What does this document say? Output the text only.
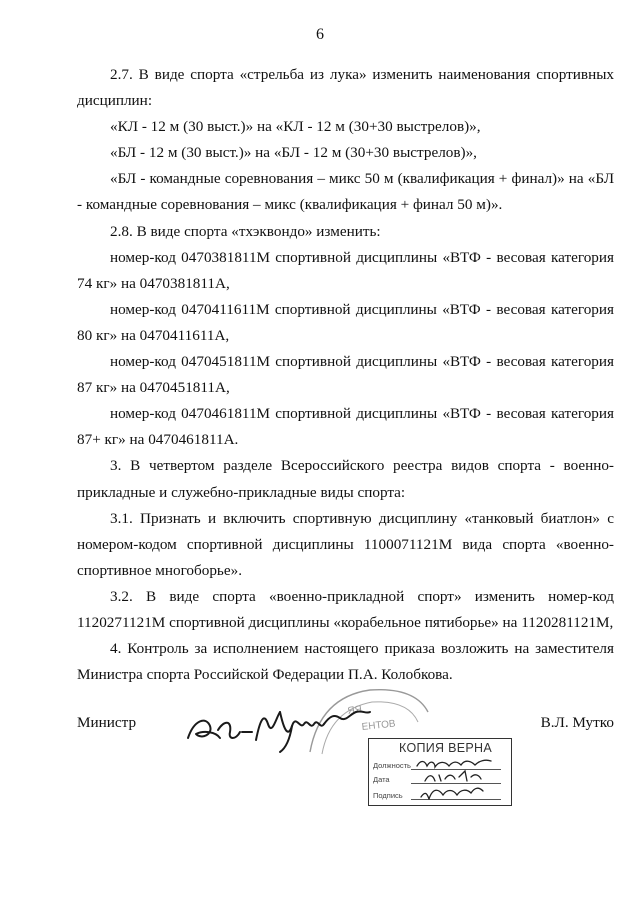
6

2.7. В виде спорта «стрельба из лука» изменить наименования спортивных дисциплин:

«КЛ - 12 м (30 выст.)» на «КЛ - 12 м (30+30 выстрелов)»,

«БЛ - 12 м (30 выст.)» на «БЛ - 12 м (30+30 выстрелов)»,

«БЛ - командные соревнования – микс 50 м (квалификация + финал)» на «БЛ - командные соревнования – микс (квалификация + финал 50 м)».

2.8. В виде спорта «тхэквондо» изменить:

номер-код 0470381811М спортивной дисциплины «ВТФ - весовая категория 74 кг» на 0470381811А,

номер-код 0470411611М спортивной дисциплины «ВТФ - весовая категория 80 кг» на 0470411611А,

номер-код 0470451811М спортивной дисциплины «ВТФ - весовая категория 87 кг» на 0470451811А,

номер-код 0470461811М спортивной дисциплины «ВТФ - весовая категория 87+ кг» на 0470461811А.

3. В четвертом разделе Всероссийского реестра видов спорта - военно-прикладные и служебно-прикладные виды спорта:

3.1. Признать и включить спортивную дисциплину «танковый биатлон» с номером-кодом спортивной дисциплины 1100071121М вида спорта «военно-спортивное многоборье».

3.2. В виде спорта «военно-прикладной спорт» изменить номер-код 1120271121М спортивной дисциплины «корабельное пятиборье» на 1120281121М,

4. Контроль за исполнением настоящего приказа возложить на заместителя Министра спорта Российской Федерации П.А. Колобкова.

ЯЯ
ЕНТОВ
Министр	В.Л. Мутко
КОПИЯ ВЕРНА
Должность
Дата
Подпись
